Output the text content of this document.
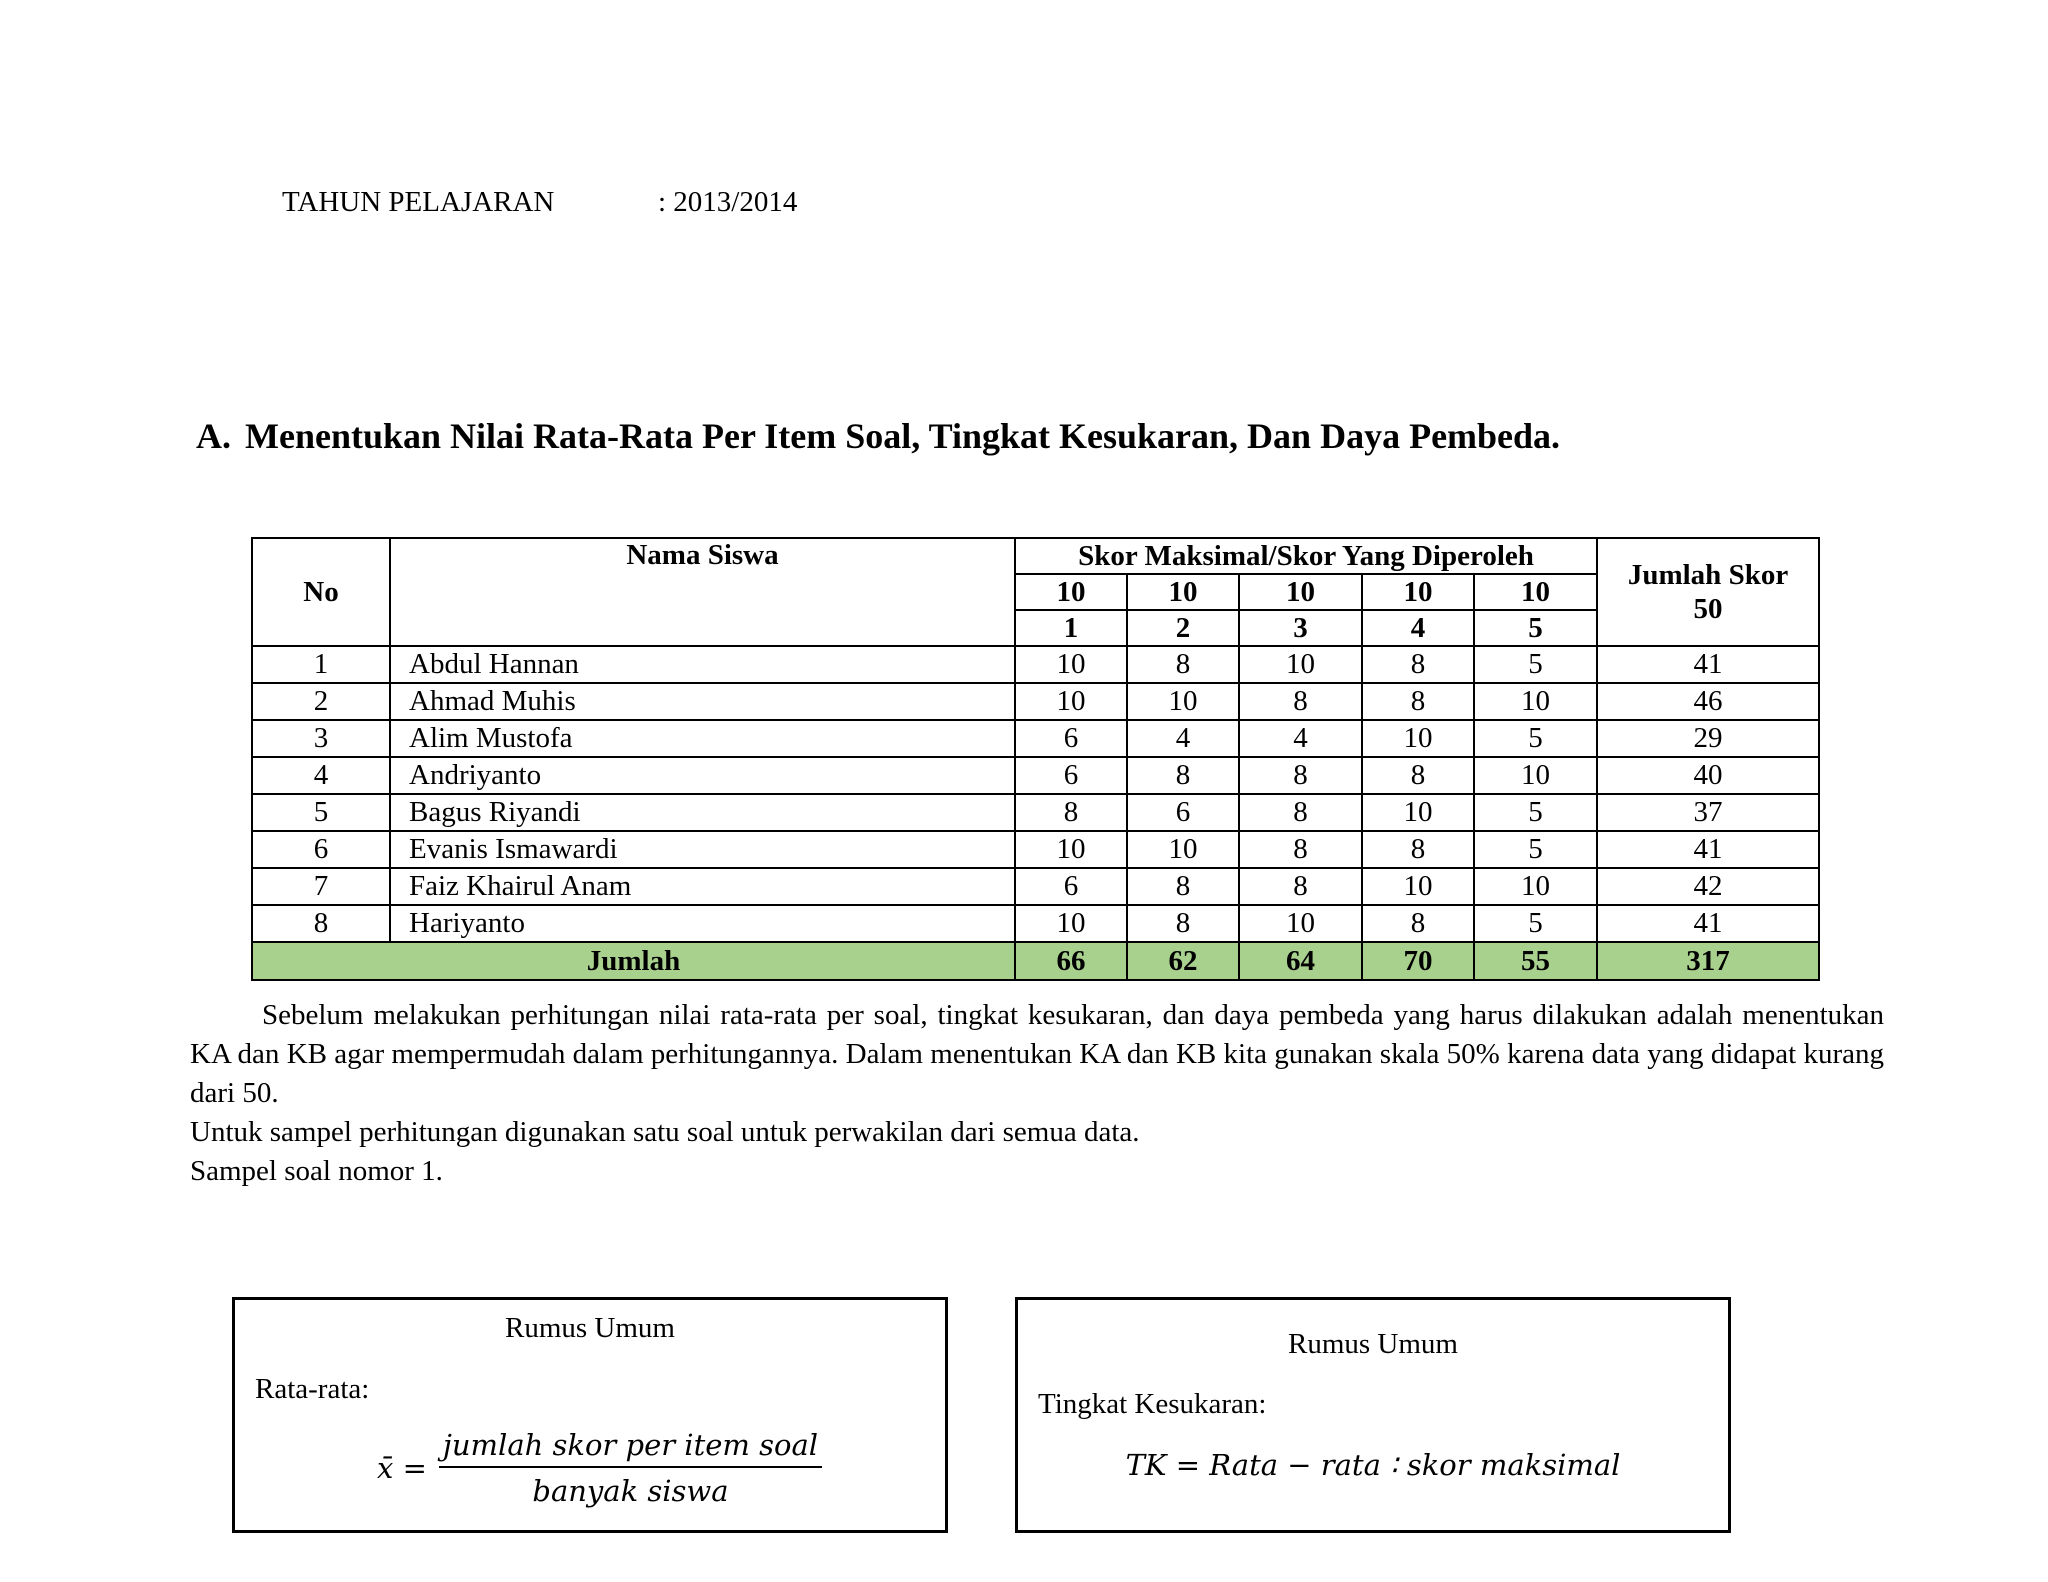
TAHUN PELAJARAN	: 2013/2014
A. Menentukan Nilai Rata-Rata Per Item Soal, Tingkat Kesukaran, Dan Daya Pembeda.
No	Nama Siswa	Skor Maksimal/Skor Yang Diperoleh					Jumlah Skor
50
		10	10	10	10	10	
		1	2	3	4	5	
1	Abdul Hannan	10	8	10	8	5	41
2	Ahmad Muhis	10	10	8	8	10	46
3	Alim Mustofa	6	4	4	10	5	29
4	Andriyanto	6	8	8	8	10	40
5	Bagus Riyandi	8	6	8	10	5	37
6	Evanis Ismawardi	10	10	8	8	5	41
7	Faiz Khairul Anam	6	8	8	10	10	42
8	Hariyanto	10	8	10	8	5	41
Jumlah		66	62	64	70	55	317

Sebelum melakukan perhitungan nilai rata-rata per soal, tingkat kesukaran, dan daya pembeda yang harus dilakukan adalah menentukan KA dan KB agar mempermudah dalam perhitungannya. Dalam menentukan KA dan KB kita gunakan skala 50% karena data yang didapat kurang dari 50.

Untuk sampel perhitungan digunakan satu soal untuk perwakilan dari semua data.

Sampel soal nomor 1.

Rumus Umum
Rata-rata:
x̄ = $\frac{\text{jumlah skor per item soal}}{\text{banyak siswa}}$
Rumus Umum
Tingkat Kesukaran:
TK = Rata − rata ∶ skor maksimal
